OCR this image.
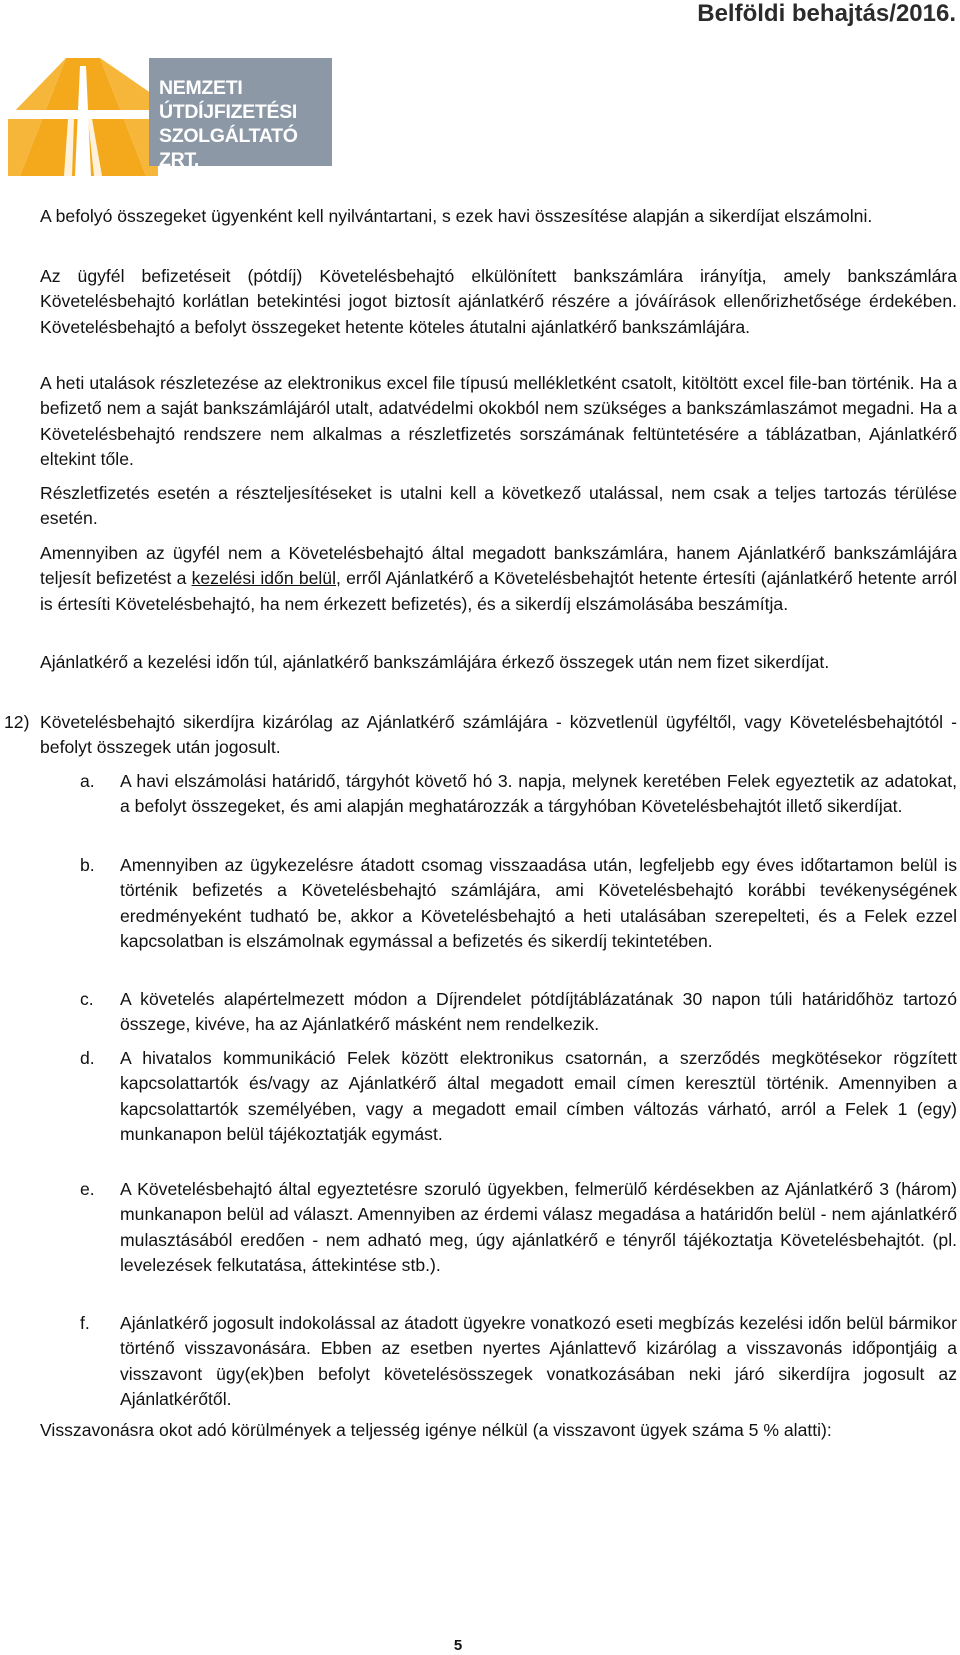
Belföldi behajtás/2016.
NEMZETI
ÚTDÍJFIZETÉSI
SZOLGÁLTATÓ ZRT.

A befolyó összegeket ügyenként kell nyilvántartani, s ezek havi összesítése alapján a sikerdíjat elszámolni.

Az ügyfél befizetéseit (pótdíj) Követelésbehajtó elkülönített bankszámlára irányítja, amely bankszámlára Követelésbehajtó korlátlan betekintési jogot biztosít ajánlatkérő részére a jóváírások ellenőrizhetősége érdekében. Követelésbehajtó a befolyt összegeket hetente köteles átutalni ajánlatkérő bankszámlájára.

A heti utalások részletezése az elektronikus excel file típusú mellékletként csatolt, kitöltött excel file-ban történik. Ha a befizető nem a saját bankszámlájáról utalt, adatvédelmi okokból nem szükséges a bankszámlaszámot megadni. Ha a Követelésbehajtó rendszere nem alkalmas a részletfizetés sorszámának feltüntetésére a táblázatban, Ajánlatkérő eltekint tőle.

Részletfizetés esetén a részteljesítéseket is utalni kell a következő utalással, nem csak a teljes tartozás térülése esetén.

Amennyiben az ügyfél nem a Követelésbehajtó által megadott bankszámlára, hanem Ajánlatkérő bankszámlájára teljesít befizetést a kezelési időn belül, erről Ajánlatkérő a Követelésbehajtót hetente értesíti (ajánlatkérő hetente arról is értesíti Követelésbehajtó, ha nem érkezett befizetés), és a sikerdíj elszámolásába beszámítja.

Ajánlatkérő a kezelési időn túl, ajánlatkérő bankszámlájára érkező összegek után nem fizet sikerdíjat.

12) Követelésbehajtó sikerdíjra kizárólag az Ajánlatkérő számlájára - közvetlenül ügyféltől, vagy Követelésbehajtótól - befolyt összegek után jogosult.
a. A havi elszámolási határidő, tárgyhót követő hó 3. napja, melynek keretében Felek egyeztetik az adatokat, a befolyt összegeket, és ami alapján meghatározzák a tárgyhóban Követelésbehajtót illető sikerdíjat.
b. Amennyiben az ügykezelésre átadott csomag visszaadása után, legfeljebb egy éves időtartamon belül is történik befizetés a Követelésbehajtó számlájára, ami Követelésbehajtó korábbi tevékenységének eredményeként tudható be, akkor a Követelésbehajtó a heti utalásában szerepelteti, és a Felek ezzel kapcsolatban is elszámolnak egymással a befizetés és sikerdíj tekintetében.
c. A követelés alapértelmezett módon a Díjrendelet pótdíjtáblázatának 30 napon túli határidőhöz tartozó összege, kivéve, ha az Ajánlatkérő másként nem rendelkezik.
d. A hivatalos kommunikáció Felek között elektronikus csatornán, a szerződés megkötésekor rögzített kapcsolattartók és/vagy az Ajánlatkérő által megadott email címen keresztül történik. Amennyiben a kapcsolattartók személyében, vagy a megadott email címben változás várható, arról a Felek 1 (egy) munkanapon belül tájékoztatják egymást.
e. A Követelésbehajtó által egyeztetésre szoruló ügyekben, felmerülő kérdésekben az Ajánlatkérő 3 (három) munkanapon belül ad választ. Amennyiben az érdemi válasz megadása a határidőn belül - nem ajánlatkérő mulasztásából eredően - nem adható meg, úgy ajánlatkérő e tényről tájékoztatja Követelésbehajtót. (pl. levelezések felkutatása, áttekintése stb.).
f. Ajánlatkérő jogosult indokolással az átadott ügyekre vonatkozó eseti megbízás kezelési időn belül bármikor történő visszavonására. Ebben az esetben nyertes Ajánlattevő kizárólag a visszavonás időpontjáig a visszavont ügy(ek)ben befolyt követelésösszegek vonatkozásában neki járó sikerdíjra jogosult az Ajánlatkérőtől.

Visszavonásra okot adó körülmények a teljesség igénye nélkül (a visszavont ügyek száma 5 % alatti):

5
